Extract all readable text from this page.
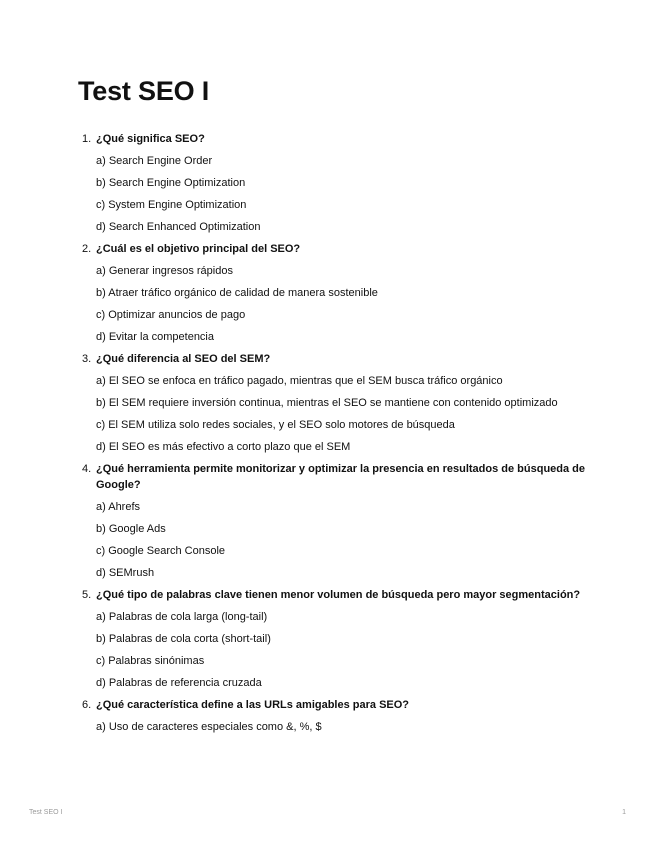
Test SEO I
1. ¿Qué significa SEO?
a) Search Engine Order
b) Search Engine Optimization
c) System Engine Optimization
d) Search Enhanced Optimization
2. ¿Cuál es el objetivo principal del SEO?
a) Generar ingresos rápidos
b) Atraer tráfico orgánico de calidad de manera sostenible
c) Optimizar anuncios de pago
d) Evitar la competencia
3. ¿Qué diferencia al SEO del SEM?
a) El SEO se enfoca en tráfico pagado, mientras que el SEM busca tráfico orgánico
b) El SEM requiere inversión continua, mientras el SEO se mantiene con contenido optimizado
c) El SEM utiliza solo redes sociales, y el SEO solo motores de búsqueda
d) El SEO es más efectivo a corto plazo que el SEM
4. ¿Qué herramienta permite monitorizar y optimizar la presencia en resultados de búsqueda de Google?
a) Ahrefs
b) Google Ads
c) Google Search Console
d) SEMrush
5. ¿Qué tipo de palabras clave tienen menor volumen de búsqueda pero mayor segmentación?
a) Palabras de cola larga (long-tail)
b) Palabras de cola corta (short-tail)
c) Palabras sinónimas
d) Palabras de referencia cruzada
6. ¿Qué característica define a las URLs amigables para SEO?
a) Uso de caracteres especiales como &, %, $
Test SEO I	1
